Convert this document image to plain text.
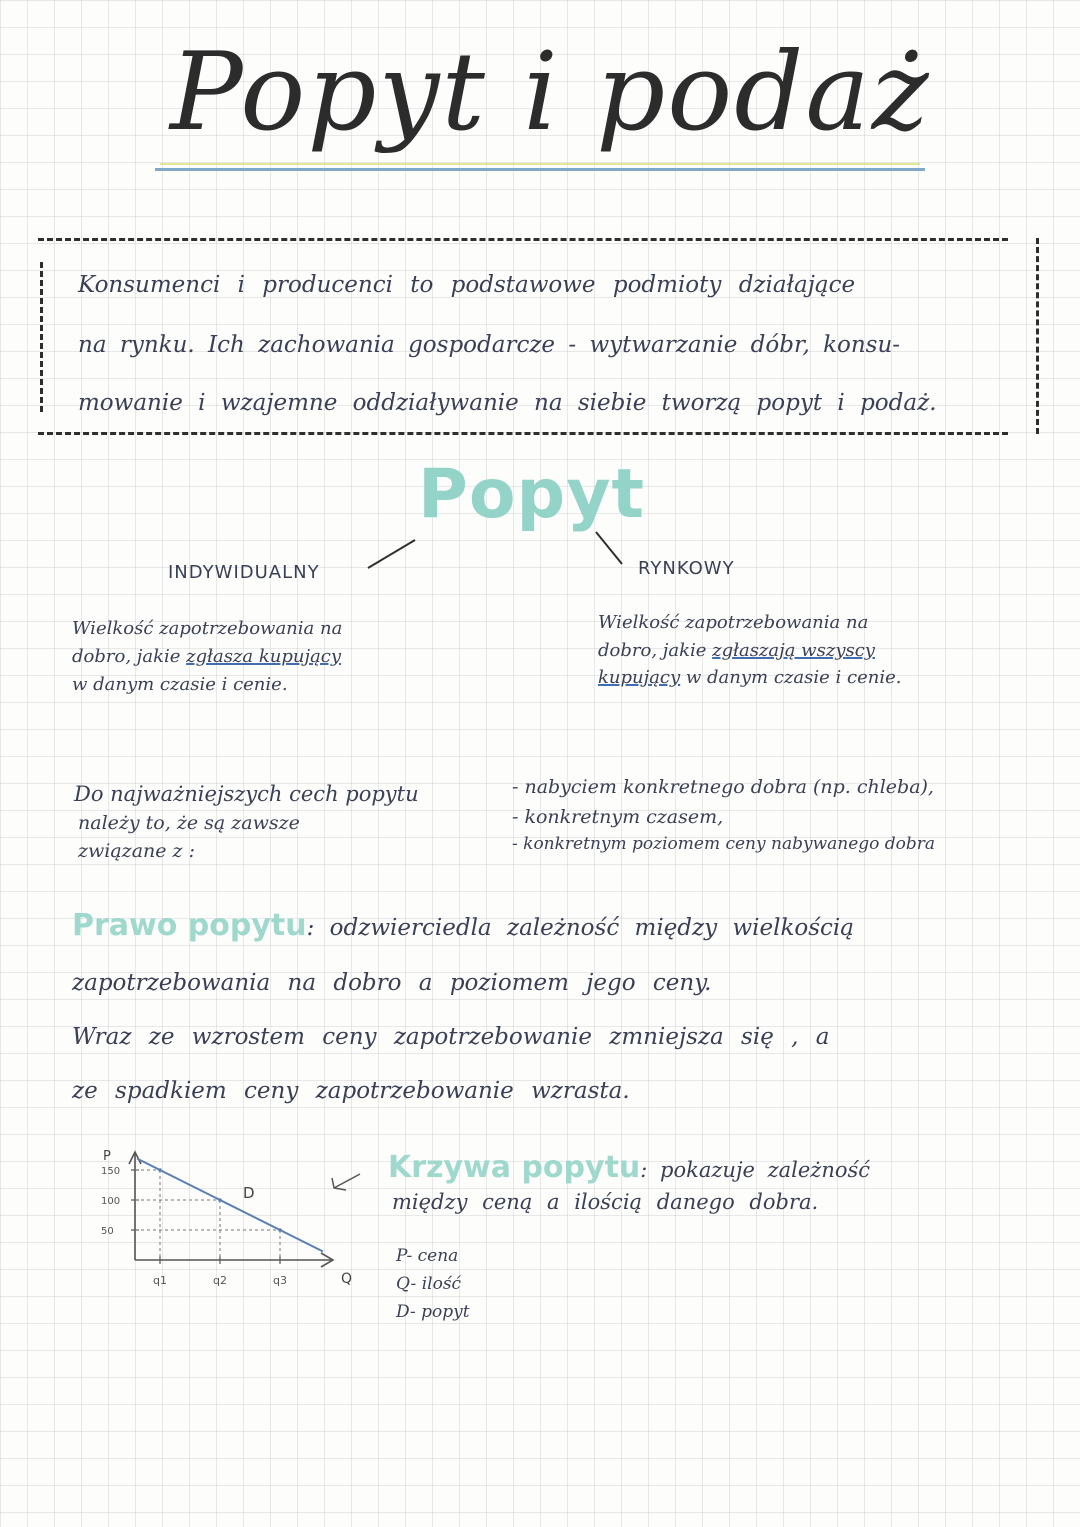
Popyt i podaż
Konsumenci i producenci to podstawowe podmioty działające
na rynku. Ich zachowania gospodarcze - wytwarzanie dóbr, konsu-
mowanie i wzajemne oddziaływanie na siebie tworzą popyt i podaż.
Popyt
INDYWIDUALNY	RYNKOWY
Wielkość zapotrzebowania na
dobro, jakie zgłasza kupujący
w danym czasie i cenie.
Wielkość zapotrzebowania na
dobro, jakie zgłaszają wszyscy
kupujący w danym czasie i cenie.
Do najważniejszych cech popytu
należy to, że są zawsze
związane z :
- nabyciem konkretnego dobra (np. chleba),
- konkretnym czasem,
- konkretnym poziomem ceny nabywanego dobra
Prawo popytu: odzwierciedla zależność między wielkością
zapotrzebowania na dobro a poziomem jego ceny.
Wraz ze wzrostem ceny zapotrzebowanie zmniejsza się , a
ze spadkiem ceny zapotrzebowanie wzrasta.
P
Q
D
150
100
50
q1	q2	q3
Krzywa popytu: pokazuje zależność
między ceną a ilością danego dobra.
P- cena
Q- ilość
D- popyt
